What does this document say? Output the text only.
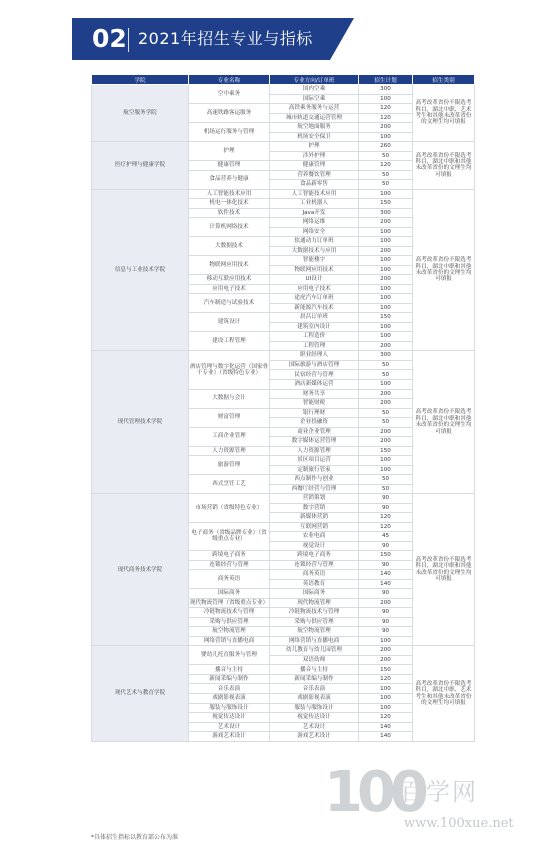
02 2021年招生专业与指标
学院	专业名称	专业方向/订单班	招生计划	招生类别
航空服务学院	空中乘务	国内空乘	300	高考改革省份不限选考科目，湖北中职、艺术考生和其他未改革省份的文理生均可填报
		国际空乘	100	
	高速铁路客运服务	高铁乘务服务与运营	120	
		城市轨道交通运营管理	120	
	机场运行服务与管理	航空地面服务	200	
		机场安全保卫	100	
医疗护理与健康学院	护理	护理	260	高考改革省份不限选考科目，湖北中职和其他未改革省份的文理生均可填报
		涉外护理	50	
	健康管理	健康管理	120	
	食品营养与健康	营养餐饮管理	50	
		食品新零售	50	
信息与工业技术学院	人工智能技术应用	人工智能技术应用	100	高考改革省份不限选考科目，湖北中职和其他未改革省份的文理生均可填报
	机电一体化技术	工业机器人	150	
	软件技术	Java开发	300	
	计算机网络技术	网络运维	200	
		网络安全	100	
	大数据技术	软通动力订单班	100	
		大数据技术与应用	200	
	物联网应用技术	智能楼宇	100	
		物联网应用技术	100	
	移动互联应用技术	UI设计	200	
	应用电子技术	应用电子技术	100	
	汽车制造与试验技术	途虎汽车订单班	100	
		新能源汽车技术	100	
	建筑设计	晨昌订单班	150	
		建筑室内设计	100	
	建设工程管理	工程造价	100	
		工程管理	200	
现代管理技术学院	酒店管理与数字化运营（国家骨干专业）（省级特色专业）	职业经理人	300	高考改革省份不限选考科目，湖北中职和其他未改革省份的文理生均可填报
		国际旅游与酒店管理	50	
		民宿经营与管理	50	
		酒店新媒体运营	100	
	大数据与会计	财务共享	200	
		智能财税	200	
	财富管理	银行理财	50	
		企业投融资	50	
	工商企业管理	商业企业管理	200	
		数字媒体运营管理	200	
	人力资源管理	人力资源管理	150	
	旅游管理	景区项目运营	100	
		定制旅行管家	100	
	西式烹饪工艺	西点制作与创业	50	
		西餐厅经营与管理	50	
现代商务技术学院	市场营销（省级特色专业）	营销策划	90	高考改革省份不限选考科目，湖北中职和其他未改革省份的文理生均可填报
		数字营销	90	
		新媒体营销	120	
	电子商务（省级品牌专业）（省级重点专业）	互联网营销	120	
		农业电商	45	
		视觉设计	90	
	跨境电子商务	跨境电子商务	150	
	连锁经营与管理	连锁经营与管理	90	
	商务英语	商务英语	140	
		英语教育	140	
	国际商务	国际商务	90	
	现代物流管理（省级重点专业）	现代物流管理	200	
	冷链物流技术与管理	冷链物流技术与管理	90	
	采购与供应管理	采购与供应管理	90	
	航空物流管理	航空物流管理	90	
	网络营销与直播电商	网络营销与直播电商	100	
现代艺术与教育学院	婴幼儿托育服务与管理	幼儿教育与幼儿园管理	200	高考改革省份不限选考科目，湖北中职、艺术考生和其他未改革省份的文理生均可填报
		双语幼师	200	
	播音与主持	播音与主持	150	
	新闻采编与制作	新闻采编与制作	120	
	音乐表演	音乐表演	100	
	戏剧影视表演	戏剧影视表演	100	
	服装与服饰设计	服装与服饰设计	100	
	视觉传达设计	视觉传达设计	120	
	艺术设计	艺术设计	140	
	游戏艺术设计	游戏艺术设计	140	
*具体招生指标以教育部公布为准
100
百学网
www.100xue.net
